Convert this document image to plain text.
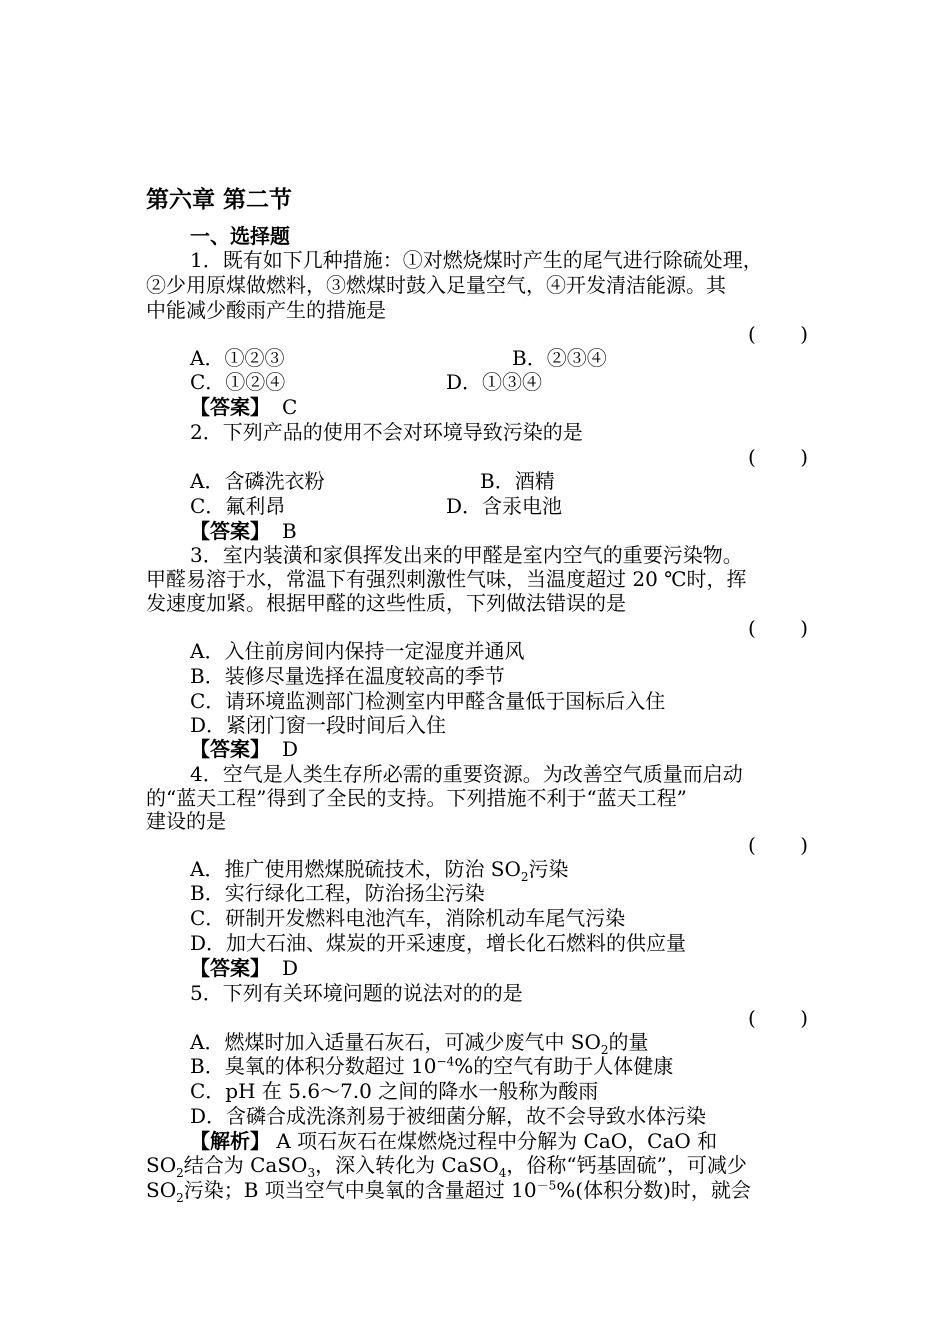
第六章 第二节
一、选择题
1．既有如下几种措施：①对燃烧煤时产生的尾气进行除硫处理，
②少用原煤做燃料，③燃煤时鼓入足量空气，④开发清洁能源。其
中能减少酸雨产生的措施是
( )
A．①②③	B．②③④
C．①②④	D．①③④
【答案】 C
2．下列产品的使用不会对环境导致污染的是
( )
A．含磷洗衣粉	B．酒精
C．氟利昂	D．含汞电池
【答案】 B
3．室内装潢和家俱挥发出来的甲醛是室内空气的重要污染物。
甲醛易溶于水，常温下有强烈刺激性气味，当温度超过 20 ℃时，挥
发速度加紧。根据甲醛的这些性质，下列做法错误的是
( )
A．入住前房间内保持一定湿度并通风
B．装修尽量选择在温度较高的季节
C．请环境监测部门检测室内甲醛含量低于国标后入住
D．紧闭门窗一段时间后入住
【答案】 D
4．空气是人类生存所必需的重要资源。为改善空气质量而启动
的“蓝天工程”得到了全民的支持。下列措施不利于“蓝天工程”
建设的是
( )
A．推广使用燃煤脱硫技术，防治 $SO_2$污染
B．实行绿化工程，防治扬尘污染
C．研制开发燃料电池汽车，消除机动车尾气污染
D．加大石油、煤炭的开采速度，增长化石燃料的供应量
【答案】 D
5．下列有关环境问题的说法对的的是
( )
A．燃煤时加入适量石灰石，可减少废气中 $SO_2$的量
B．臭氧的体积分数超过 $10^{-4}\%$的空气有助于人体健康
C．pH 在 5.6～7.0 之间的降水一般称为酸雨
D．含磷合成洗涤剂易于被细菌分解，故不会导致水体污染
【解析】 A 项石灰石在煤燃烧过程中分解为 CaO，CaO 和
$SO_2$结合为 CaSO$_3$，深入转化为 CaSO$_4$，俗称“钙基固硫”，可减少
$SO_2$污染；B 项当空气中臭氧的含量超过 $10^{-5}\%$(体积分数)时，就会
